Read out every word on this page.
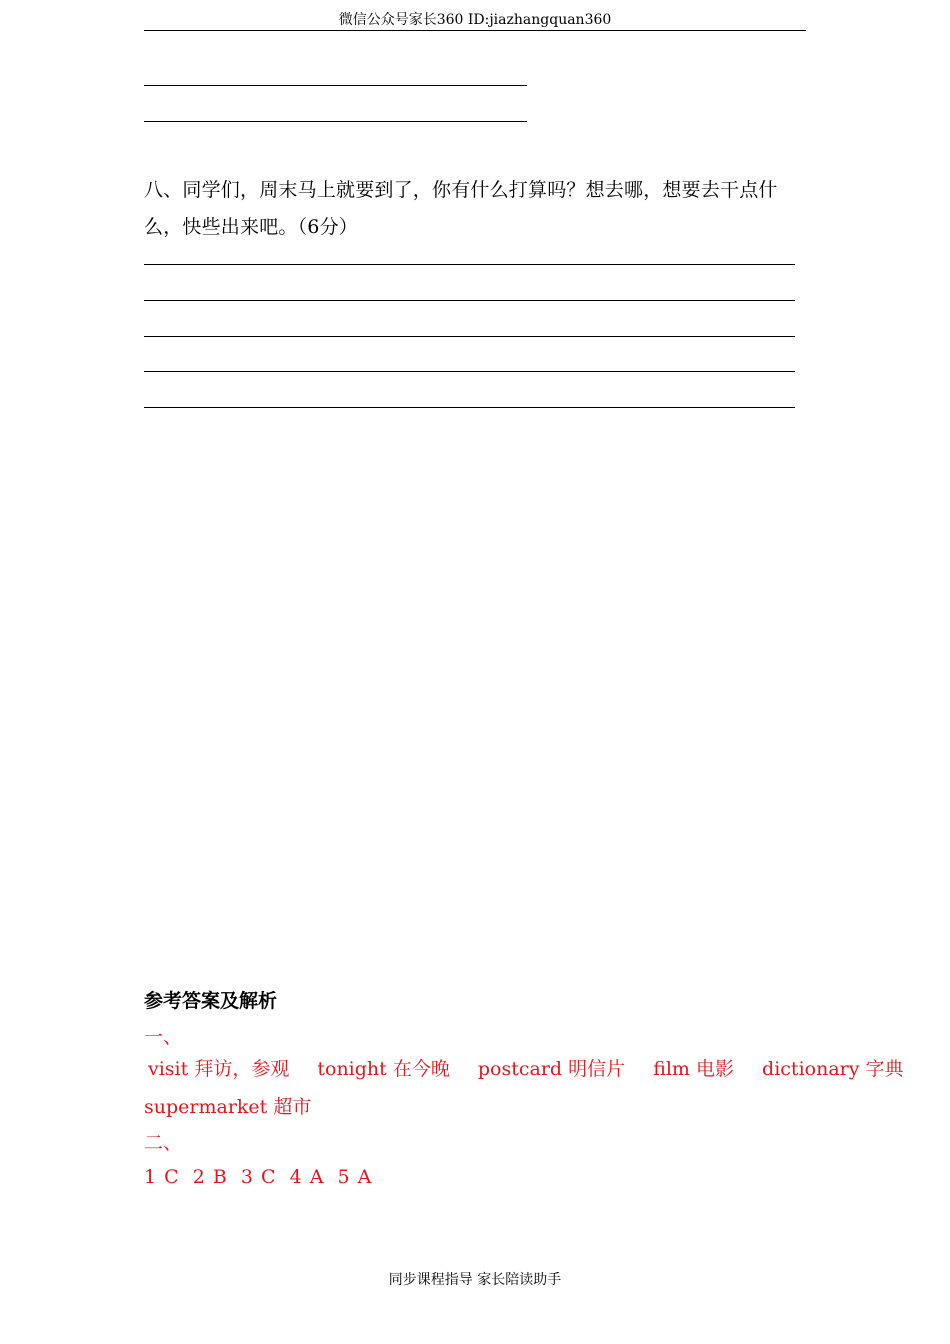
微信公众号家长360 ID:jiazhangquan360
八、同学们，周末马上就要到了，你有什么打算吗？想去哪，想要去干点什么，快些出来吧。（6分）
参考答案及解析
一、
visit 拜访，参观 tonight 在今晚 postcard 明信片 film 电影 dictionary 字典
supermarket 超市
二、
1 C 2 B 3 C 4 A 5 A
同步课程指导 家长陪读助手
